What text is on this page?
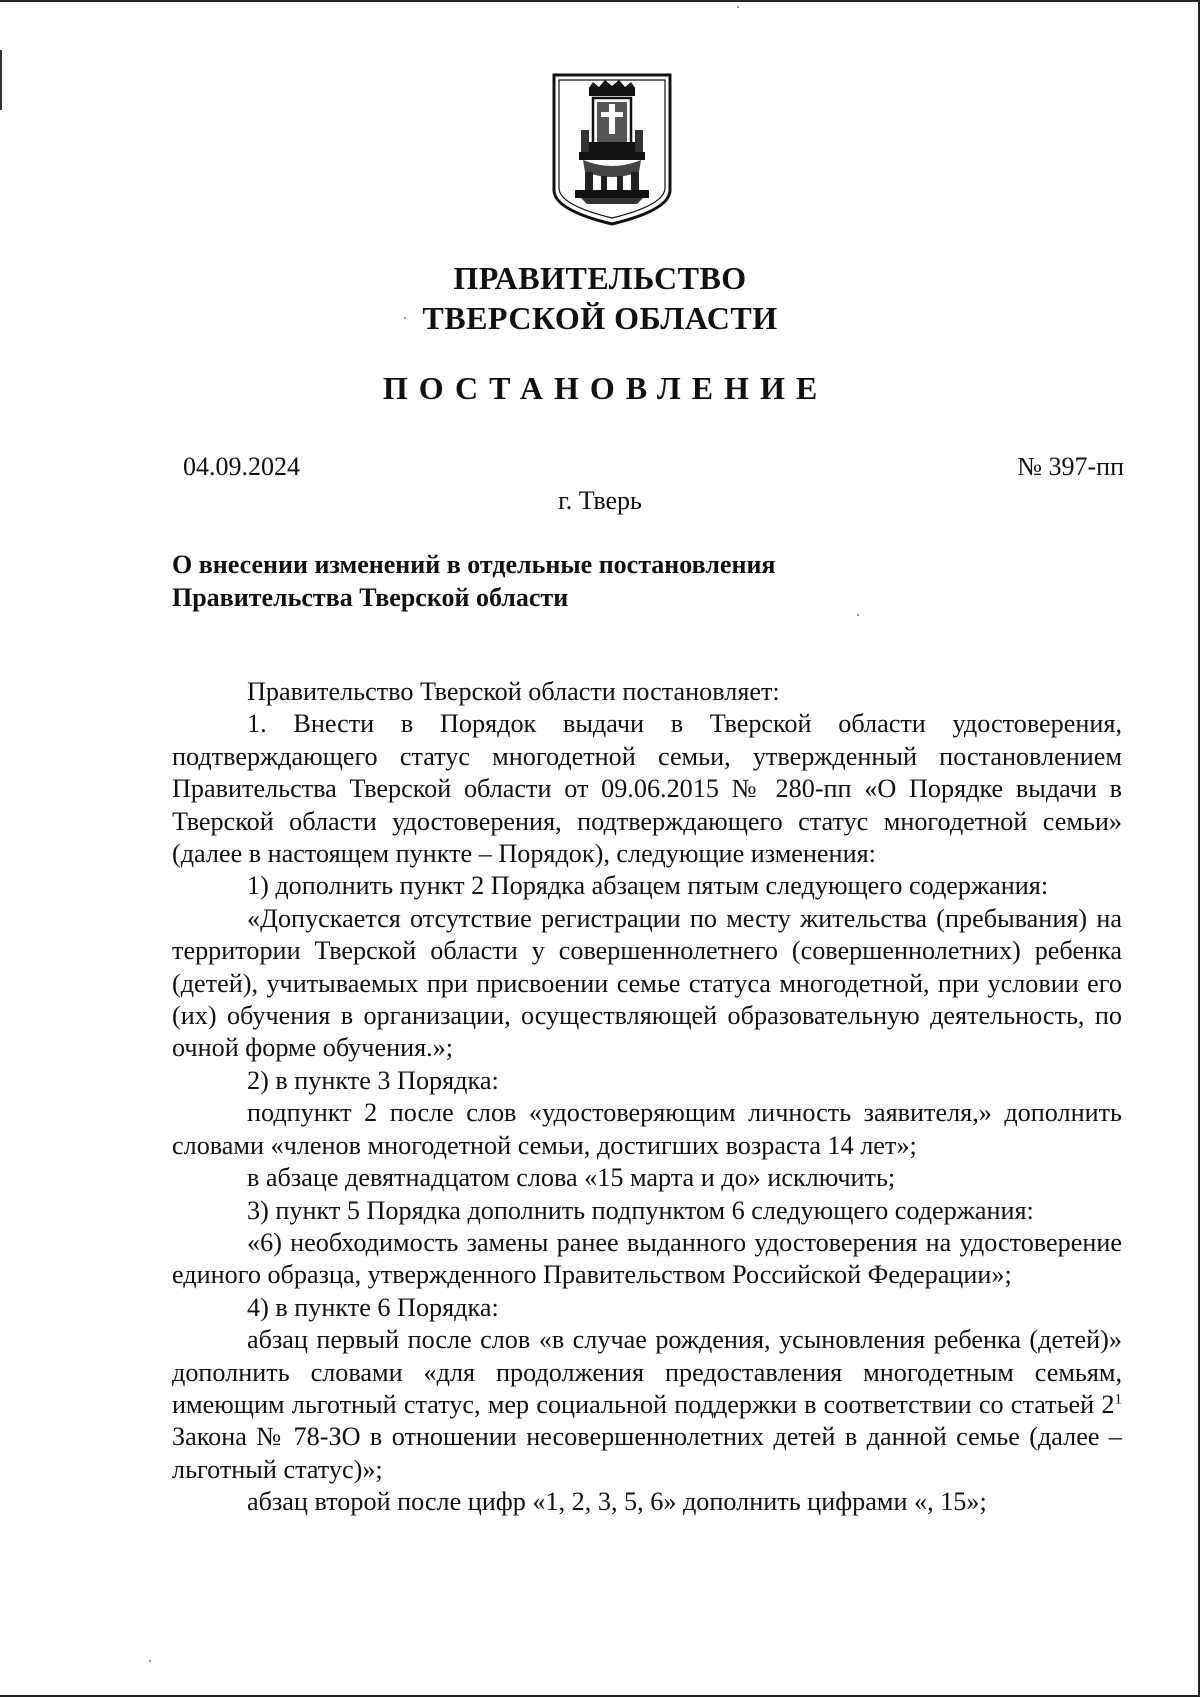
ПРАВИТЕЛЬСТВО
ТВЕРСКОЙ ОБЛАСТИ
ПОСТАНОВЛЕНИЕ
04.09.2024	№ 397-пп
г. Тверь
О внесении изменений в отдельные постановления
Правительства Тверской области

Правительство Тверской области постановляет:

1. Внести в Порядок выдачи в Тверской области удостоверения, подтверждающего статус многодетной семьи, утвержденный постановлением Правительства Тверской области от 09.06.2015 № 280-пп «О Порядке выдачи в Тверской области удостоверения, подтверждающего статус многодетной семьи» (далее в настоящем пункте – Порядок), следующие изменения:

1) дополнить пункт 2 Порядка абзацем пятым следующего содержания:

«Допускается отсутствие регистрации по месту жительства (пребывания) на территории Тверской области у совершеннолетнего (совершеннолетних) ребенка (детей), учитываемых при присвоении семье статуса многодетной, при условии его (их) обучения в организации, осуществляющей образовательную деятельность, по очной форме обучения.»;

2) в пункте 3 Порядка:

подпункт 2 после слов «удостоверяющим личность заявителя,» дополнить словами «членов многодетной семьи, достигших возраста 14 лет»;

в абзаце девятнадцатом слова «15 марта и до» исключить;

3) пункт 5 Порядка дополнить подпунктом 6 следующего содержания:

«6) необходимость замены ранее выданного удостоверения на удостоверение единого образца, утвержденного Правительством Российской Федерации»;

4) в пункте 6 Порядка:

абзац первый после слов «в случае рождения, усыновления ребенка (детей)» дополнить словами «для продолжения предоставления многодетным семьям, имеющим льготный статус, мер социальной поддержки в соответствии со статьей $2^1$ Закона № 78-ЗО в отношении несовершеннолетних детей в данной семье (далее – льготный статус)»;

абзац второй после цифр «1, 2, 3, 5, 6» дополнить цифрами «, 15»;
